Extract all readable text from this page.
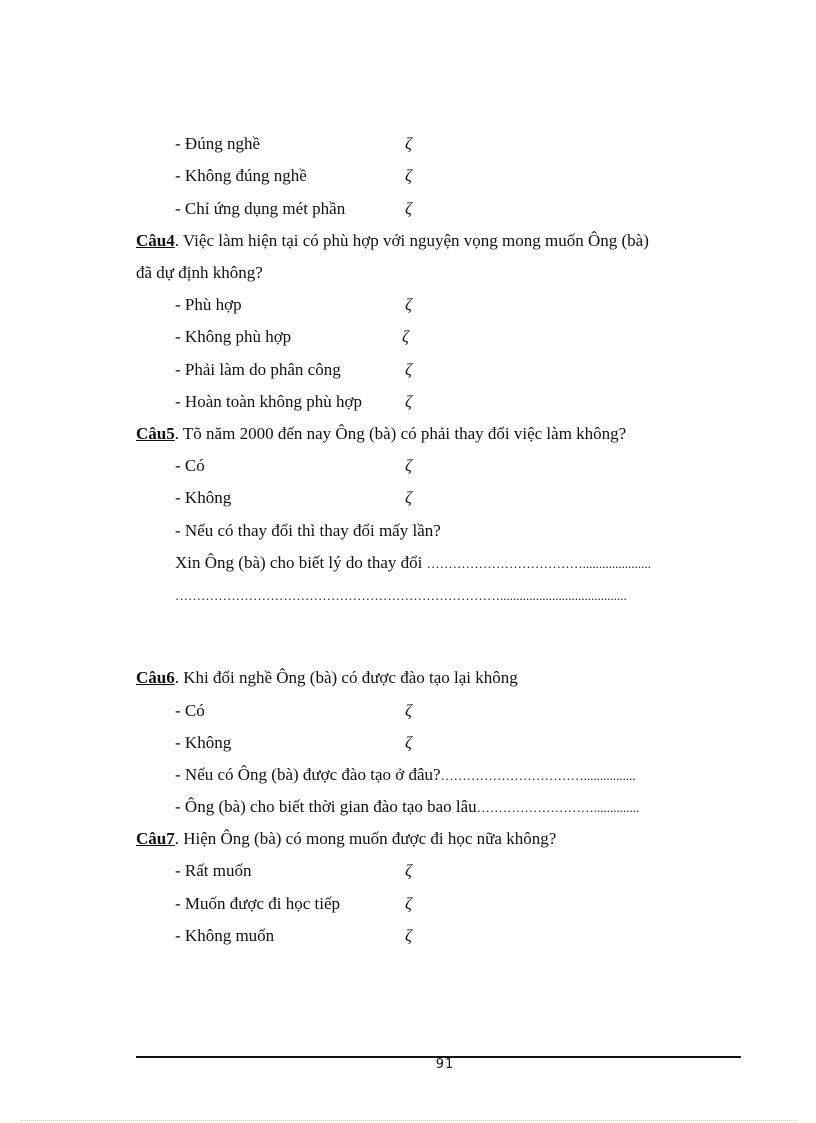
- Đúng nghề	ζ
- Không đúng nghề	ζ
- Chỉ ứng dụng mét phần	ζ
Câu4. Việc làm hiện tại có phù hợp với nguyện vọng mong muốn Ông (bà)
đã dự định không?
- Phù hợp	ζ
- Không phù hợp	ζ
- Phải làm do phân công	ζ
- Hoàn toàn không phù hợp	ζ
Câu5. Tõ năm 2000 đến nay Ông (bà) có phải thay đổi việc làm không?
- Có	ζ
- Không	ζ
- Nếu có thay đổi thì thay đổi mấy lần?
Xin Ông (bà) cho biết lý do thay đổi ……………………………….....................
………………………………………………………………….......................................
Câu6. Khi đổi nghề Ông (bà) có được đào tạo lại không
- Có	ζ
- Không	ζ
- Nếu có Ông (bà) được đào tạo ở đâu?……………………………................
- Ông (bà) cho biết thời gian đào tạo bao lâu………………………..............
Câu7. Hiện Ông (bà) có mong muốn được đi học nữa không?
- Rất muốn	ζ
- Muốn được đi học tiếp	ζ
- Không muốn	ζ
91
